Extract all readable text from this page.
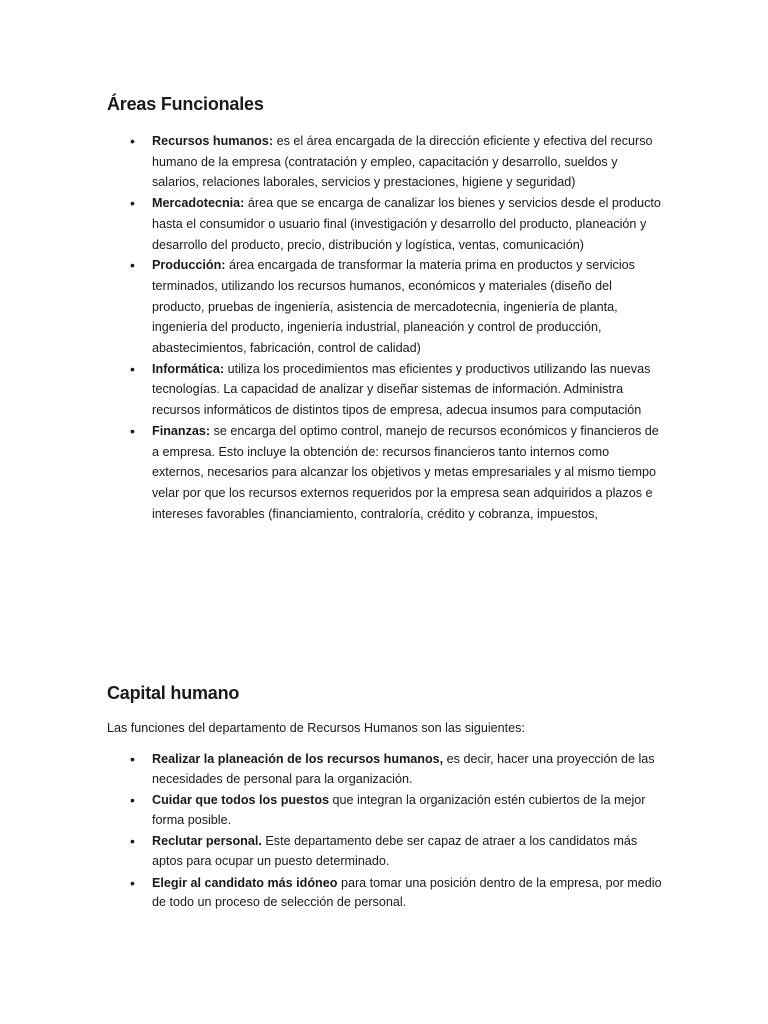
Áreas Funcionales
• Recursos humanos: es el área encargada de la dirección eficiente y efectiva del recurso humano de la empresa (contratación y empleo, capacitación y desarrollo, sueldos y salarios, relaciones laborales, servicios y prestaciones, higiene y seguridad)
• Mercadotecnia: área que se encarga de canalizar los bienes y servicios desde el producto hasta el consumidor o usuario final (investigación y desarrollo del producto, planeación y desarrollo del producto, precio, distribución y logística, ventas, comunicación)
• Producción: área encargada de transformar la materia prima en productos y servicios terminados, utilizando los recursos humanos, económicos y materiales (diseño del producto, pruebas de ingeniería, asistencia de mercadotecnia, ingeniería de planta, ingeniería del producto, ingeniería industrial, planeación y control de producción, abastecimientos, fabricación, control de calidad)
• Informática: utiliza los procedimientos mas eficientes y productivos utilizando las nuevas tecnologías. La capacidad de analizar y diseñar sistemas de información. Administra recursos informáticos de distintos tipos de empresa, adecua insumos para computación
• Finanzas: se encarga del optimo control, manejo de recursos económicos y financieros de a empresa. Esto incluye la obtención de: recursos financieros tanto internos como externos, necesarios para alcanzar los objetivos y metas empresariales y al mismo tiempo velar por que los recursos externos requeridos por la empresa sean adquiridos a plazos e intereses favorables (financiamiento, contraloría, crédito y cobranza, impuestos,
Capital humano

Las funciones del departamento de Recursos Humanos son las siguientes:

• Realizar la planeación de los recursos humanos, es decir, hacer una proyección de las necesidades de personal para la organización.
• Cuidar que todos los puestos que integran la organización estén cubiertos de la mejor forma posible.
• Reclutar personal. Este departamento debe ser capaz de atraer a los candidatos más aptos para ocupar un puesto determinado.
• Elegir al candidato más idóneo para tomar una posición dentro de la empresa, por medio de todo un proceso de selección de personal.
